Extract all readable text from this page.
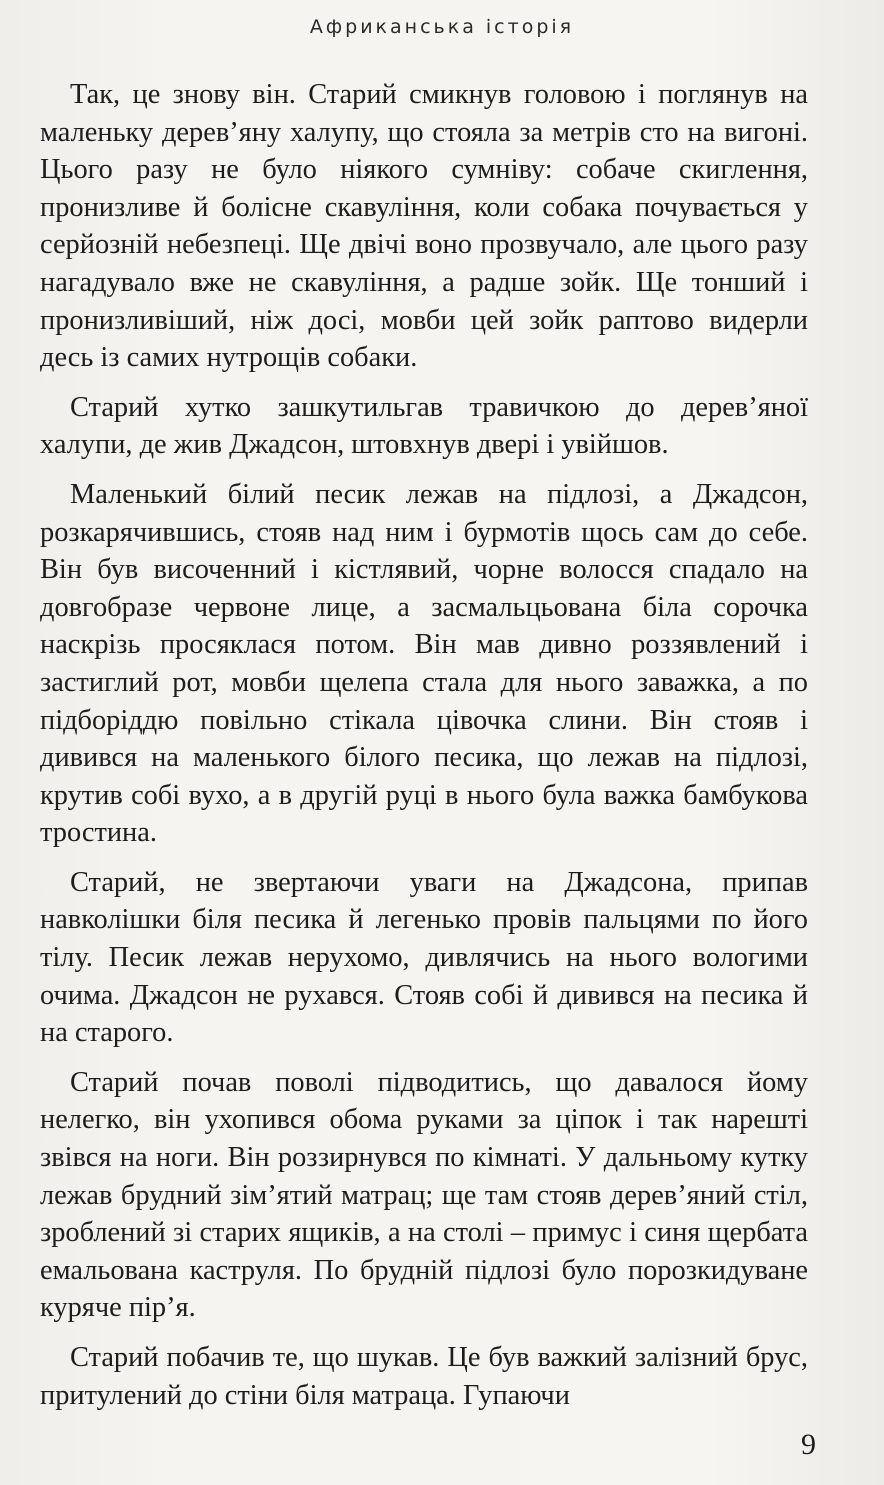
Африканська історія

Так, це знову він. Старий смикнув головою і поглянув на маленьку дерев’яну халупу, що стояла за метрів сто на вигоні. Цього разу не було ніякого сумніву: собаче скиглення, пронизливе й болісне скавуління, коли собака почувається у серйозній небезпеці. Ще двічі воно прозвучало, але цього разу нагадувало вже не скавуління, а радше зойк. Ще тонший і пронизливіший, ніж досі, мовби цей зойк раптово видерли десь із самих нутрощів собаки.

Старий хутко зашкутильгав травичкою до дерев’яної халупи, де жив Джадсон, штовхнув двері і увійшов.

Маленький білий песик лежав на підлозі, а Джадсон, розкарячившись, стояв над ним і бурмотів щось сам до себе. Він був височенний і кістлявий, чорне волосся спадало на довгобразе червоне лице, а засмальцьована біла сорочка наскрізь просяклася потом. Він мав дивно роззявлений і застиглий рот, мовби щелепа стала для нього заважка, а по підборіддю повільно стікала цівочка слини. Він стояв і дивився на маленького білого песика, що лежав на підлозі, крутив собі вухо, а в другій руці в нього була важка бамбукова тростина.

Старий, не звертаючи уваги на Джадсона, припав навколішки біля песика й легенько провів пальцями по його тілу. Песик лежав нерухомо, дивлячись на нього вологими очима. Джадсон не рухався. Стояв собі й дивився на песика й на старого.

Старий почав поволі підводитись, що давалося йому нелегко, він ухопився обома руками за ціпок і так нарешті звівся на ноги. Він роззирнувся по кімнаті. У дальньому кутку лежав брудний зім’ятий матрац; ще там стояв дерев’яний стіл, зроблений зі старих ящиків, а на столі – примус і синя щербата емальована каструля. По брудній підлозі було порозкидуване куряче пір’я.

Старий побачив те, що шукав. Це був важкий залізний брус, притулений до стіни біля матраца. Гупаючи

9
